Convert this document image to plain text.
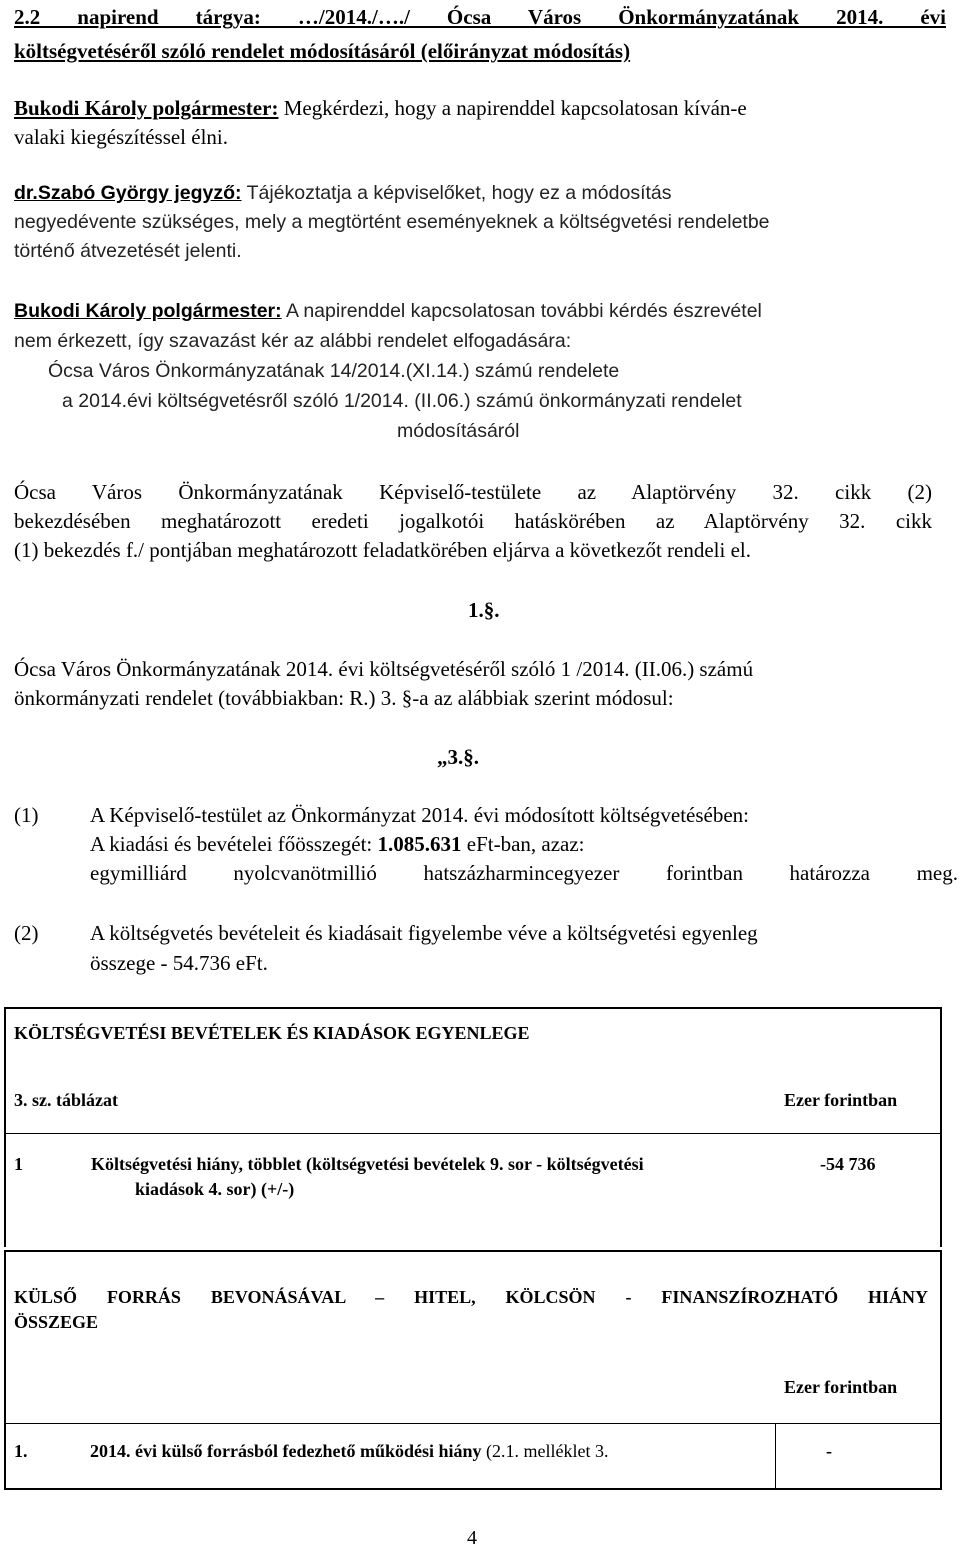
2.2 napirend tárgya: …/2014./…./ Ócsa Város Önkormányzatának 2014. évi
költségvetéséről szóló rendelet módosításáról (előirányzat módosítás)
Bukodi Károly polgármester: Megkérdezi, hogy a napirenddel kapcsolatosan kíván-e
valaki kiegészítéssel élni.
dr.Szabó György jegyző: Tájékoztatja a képviselőket, hogy ez a módosítás
negyedévente szükséges, mely a megtörtént eseményeknek a költségvetési rendeletbe
történő átvezetését jelenti.
Bukodi Károly polgármester: A napirenddel kapcsolatosan további kérdés észrevétel
nem érkezett, így szavazást kér az alábbi rendelet elfogadására:
Ócsa Város Önkormányzatának 14/2014.(XI.14.) számú rendelete
a 2014.évi költségvetésről szóló 1/2014. (II.06.) számú önkormányzati rendelet
módosításáról
Ócsa Város Önkormányzatának Képviselő-testülete az Alaptörvény 32. cikk (2)
bekezdésében meghatározott eredeti jogalkotói hatáskörében az Alaptörvény 32. cikk
(1) bekezdés f./ pontjában meghatározott feladatkörében eljárva a következőt rendeli el.
1.§.
Ócsa Város Önkormányzatának 2014. évi költségvetéséről szóló 1 /2014. (II.06.) számú
önkormányzati rendelet (továbbiakban: R.) 3. §-a az alábbiak szerint módosul:
„3.§.
(1) A Képviselő-testület az Önkormányzat 2014. évi módosított költségvetésében:
A kiadási és bevételei főösszegét: 1.085.631 eFt-ban, azaz:
egymilliárd nyolcvanötmillió hatszázharmincegyezer forintban határozza meg.
(2) A költségvetés bevételeit és kiadásait figyelembe véve a költségvetési egyenleg
összege - 54.736 eFt.
KÖLTSÉGVETÉSI BEVÉTELEK ÉS KIADÁSOK EGYENLEGE
3. sz. táblázat	Ezer forintban
1	Költségvetési hiány, többlet (költségvetési bevételek 9. sor - költségvetési
kiadások 4. sor) (+/-)
-54 736
KÜLSŐ FORRÁS BEVONÁSÁVAL – HITEL, KÖLCSÖN - FINANSZÍROZHATÓ HIÁNY
ÖSSZEGE
Ezer forintban
1.	2014. évi külső forrásból fedezhető működési hiány (2.1. melléklet 3.	-
4
